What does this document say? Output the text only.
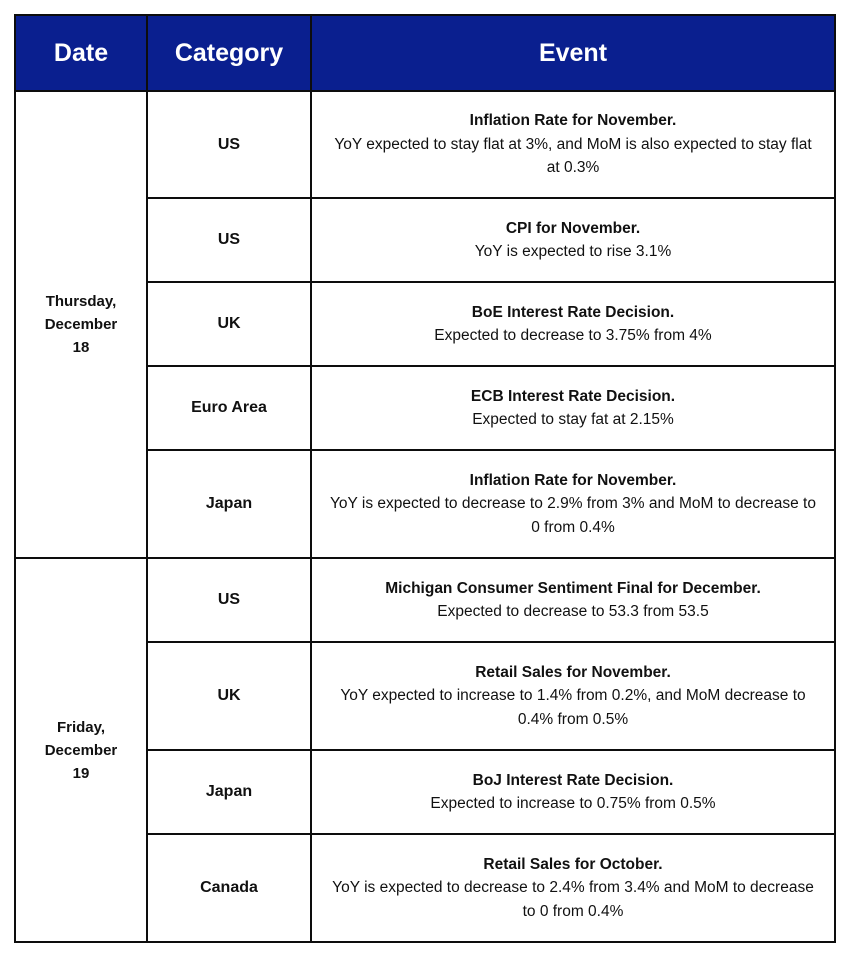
Date	Category	Event

Thursday,
December
18	US	Inflation Rate for November.
YoY expected to stay flat at 3%, and MoM is also expected to stay flat at 0.3%

	US	CPI for November.
YoY is expected to rise 3.1%

	UK	BoE Interest Rate Decision.
Expected to decrease to 3.75% from 4%

	Euro Area	ECB Interest Rate Decision.
Expected to stay fat at 2.15%

	Japan	Inflation Rate for November.
YoY is expected to decrease to 2.9% from 3% and MoM to decrease to 0 from 0.4%

Friday,
December
19	US	Michigan Consumer Sentiment Final for December.
Expected to decrease to 53.3 from 53.5

	UK	Retail Sales for November.
YoY expected to increase to 1.4% from 0.2%, and MoM decrease to 0.4% from 0.5%

	Japan	BoJ Interest Rate Decision.
Expected to increase to 0.75% from 0.5%

	Canada	Retail Sales for October.
YoY is expected to decrease to 2.4% from 3.4% and MoM to decrease to 0 from 0.4%
